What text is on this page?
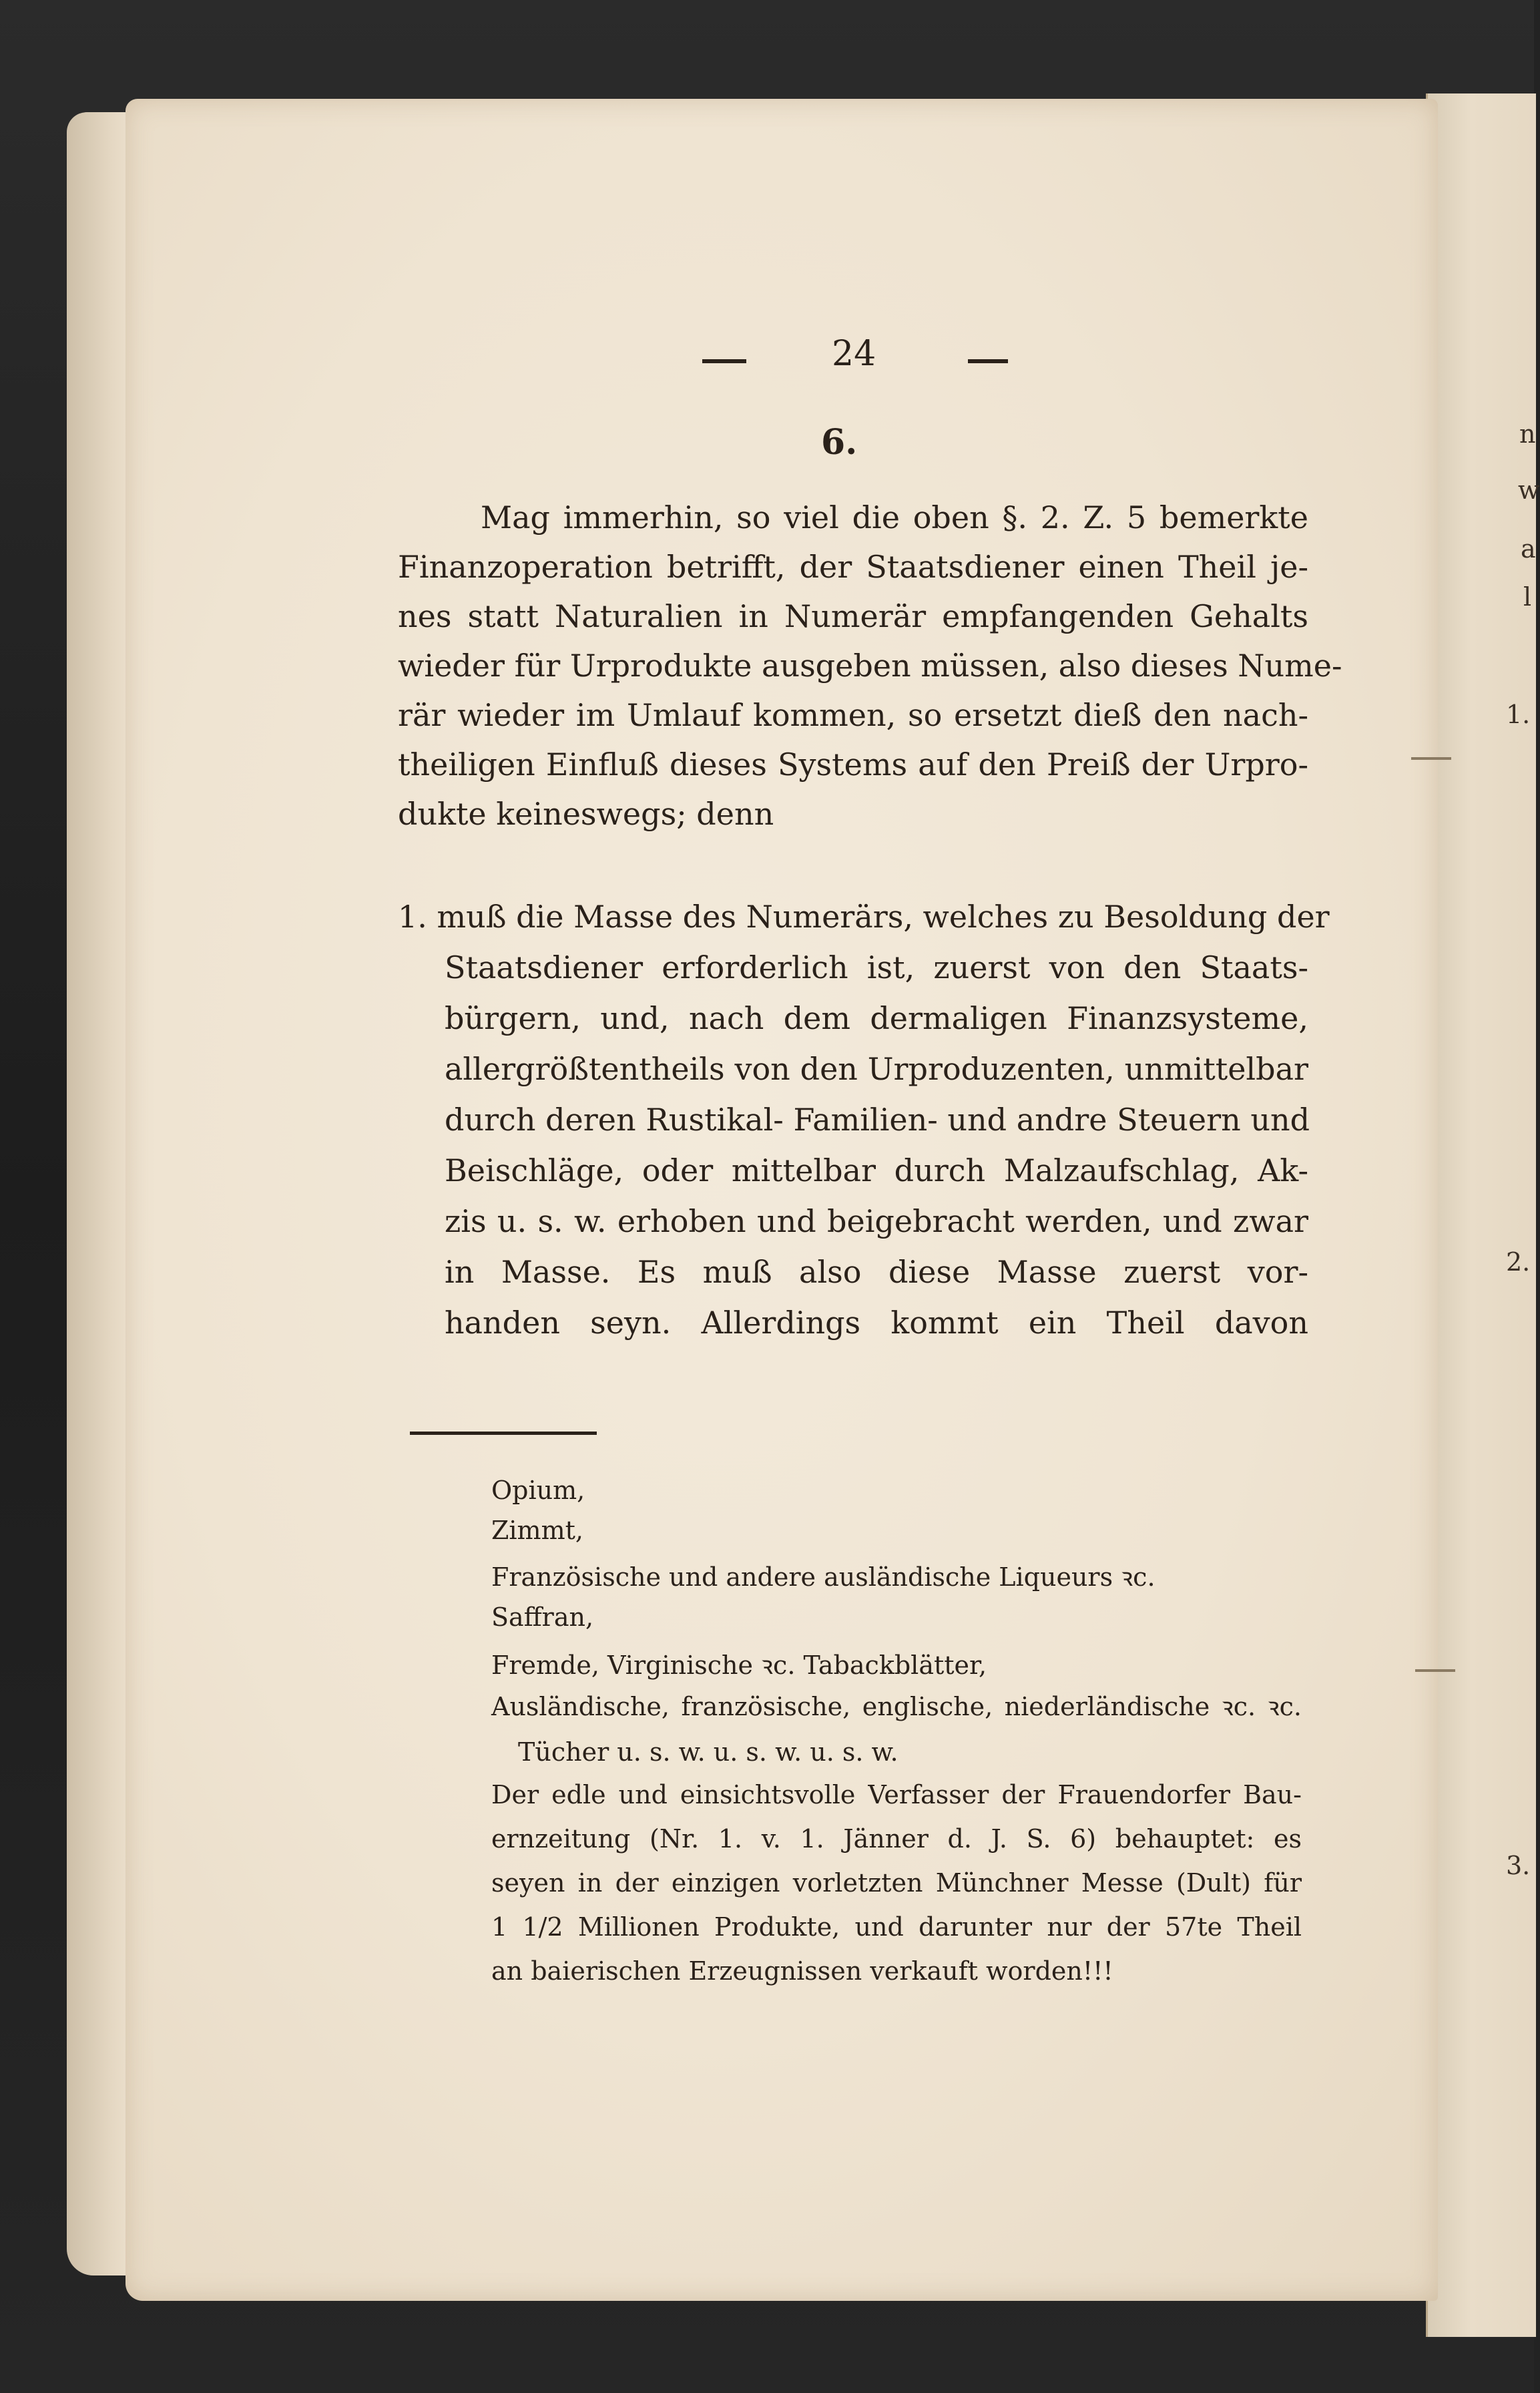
24
6.
Mag immerhin, so viel die oben §. 2. Z. 5 bemerkte
Finanzoperation betrifft, der Staatsdiener einen Theil je-
nes statt Naturalien in Numerär empfangenden Gehalts
wieder für Urprodukte ausgeben müssen, also dieses Nume-
rär wieder im Umlauf kommen, so ersetzt dieß den nach-
theiligen Einfluß dieses Systems auf den Preiß der Urpro-
dukte keineswegs; denn
1. muß die Masse des Numerärs, welches zu Besoldung der
Staatsdiener erforderlich ist, zuerst von den Staats-
bürgern, und, nach dem dermaligen Finanzsysteme,
allergrößtentheils von den Urproduzenten, unmittelbar
durch deren Rustikal- Familien- und andre Steuern und
Beischläge, oder mittelbar durch Malzaufschlag, Ak-
zis u. s. w. erhoben und beigebracht werden, und zwar
in Masse. Es muß also diese Masse zuerst vor-
handen seyn. Allerdings kommt ein Theil davon
Opium,
Zimmt,
Französische und andere ausländische Liqueurs ꝛc.
Saffran,
Fremde, Virginische ꝛc. Tabackblätter,
Ausländische, französische, englische, niederländische ꝛc. ꝛc.
Tücher u. s. w. u. s. w. u. s. w.
Der edle und einsichtsvolle Verfasser der Frauendorfer Bau-
ernzeitung (Nr. 1. v. 1. Jänner d. J. S. 6) behauptet: es
seyen in der einzigen vorletzten Münchner Messe (Dult) für
1 1/2 Millionen Produkte, und darunter nur der 57te Theil
an baierischen Erzeugnissen verkauft worden!!!
n
w
a
l
1.
2.
3.
